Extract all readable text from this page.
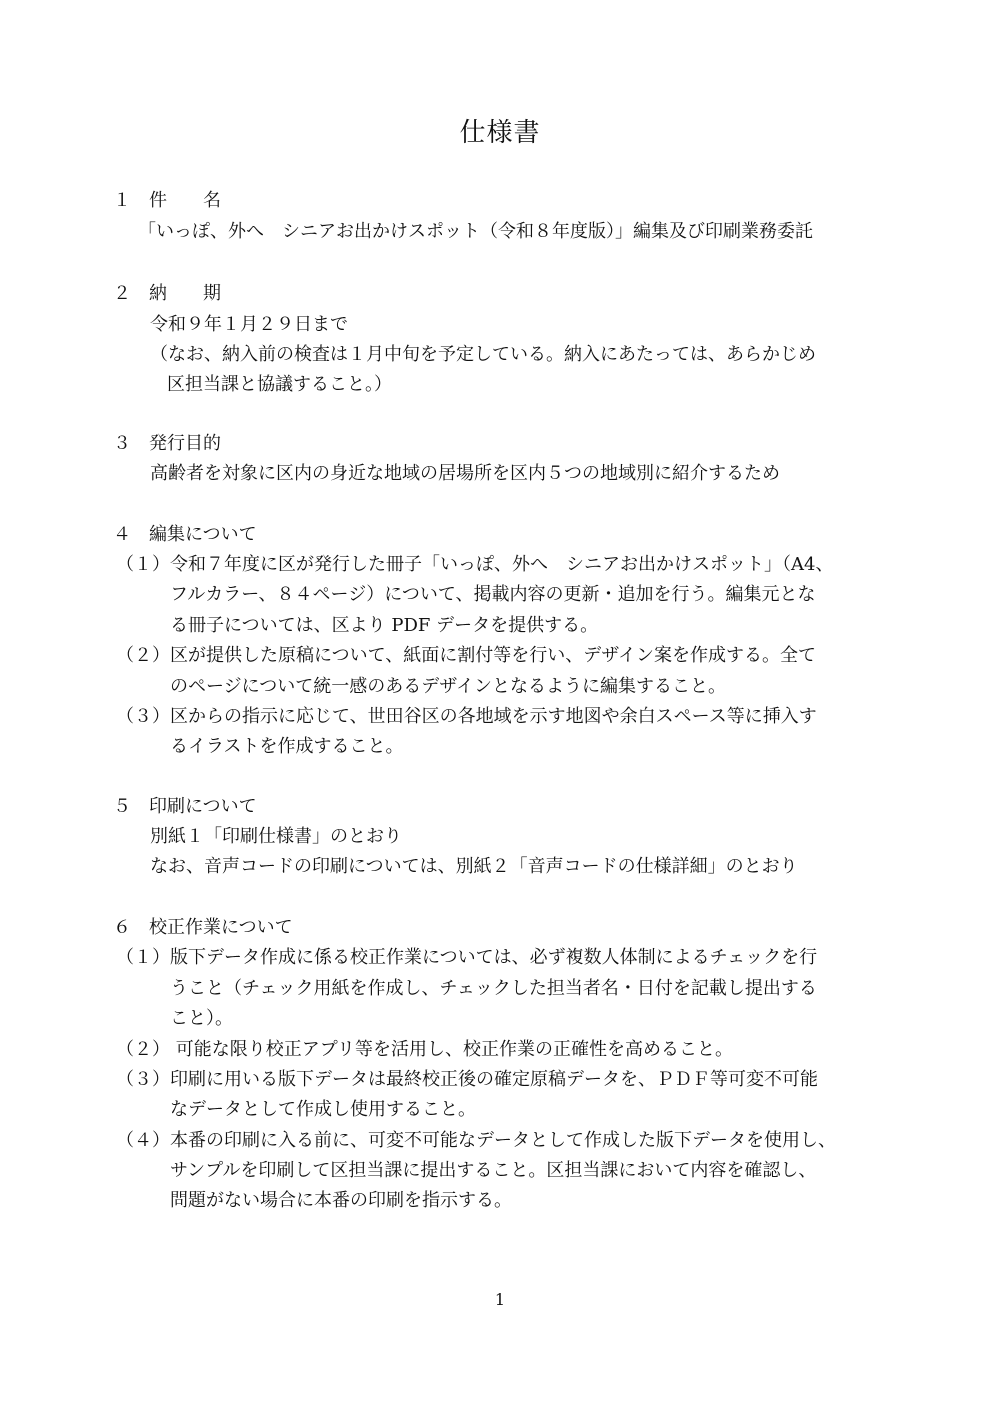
仕様書
１　件　　名
「いっぽ、外へ　シニアお出かけスポット（令和８年度版）」編集及び印刷業務委託
２　納　　期
令和９年１月２９日まで
（なお、納入前の検査は１月中旬を予定している。納入にあたっては、あらかじめ
区担当課と協議すること。）
３　発行目的
高齢者を対象に区内の身近な地域の居場所を区内５つの地域別に紹介するため
４　編集について
（１）令和７年度に区が発行した冊子「いっぽ、外へ　シニアお出かけスポット」（A4、
フルカラー、８４ページ）について、掲載内容の更新・追加を行う。編集元とな
る冊子については、区より PDF データを提供する。
（２）区が提供した原稿について、紙面に割付等を行い、デザイン案を作成する。全て
のページについて統一感のあるデザインとなるように編集すること。
（３）区からの指示に応じて、世田谷区の各地域を示す地図や余白スペース等に挿入す
るイラストを作成すること。
５　印刷について
別紙１「印刷仕様書」のとおり
なお、音声コードの印刷については、別紙２「音声コードの仕様詳細」のとおり
６　校正作業について
（１）版下データ作成に係る校正作業については、必ず複数人体制によるチェックを行
うこと（チェック用紙を作成し、チェックした担当者名・日付を記載し提出する
こと）。
（２） 可能な限り校正アプリ等を活用し、校正作業の正確性を高めること。
（３）印刷に用いる版下データは最終校正後の確定原稿データを、ＰＤＦ等可変不可能
なデータとして作成し使用すること。
（４）本番の印刷に入る前に、可変不可能なデータとして作成した版下データを使用し、
サンプルを印刷して区担当課に提出すること。区担当課において内容を確認し、
問題がない場合に本番の印刷を指示する。
1
